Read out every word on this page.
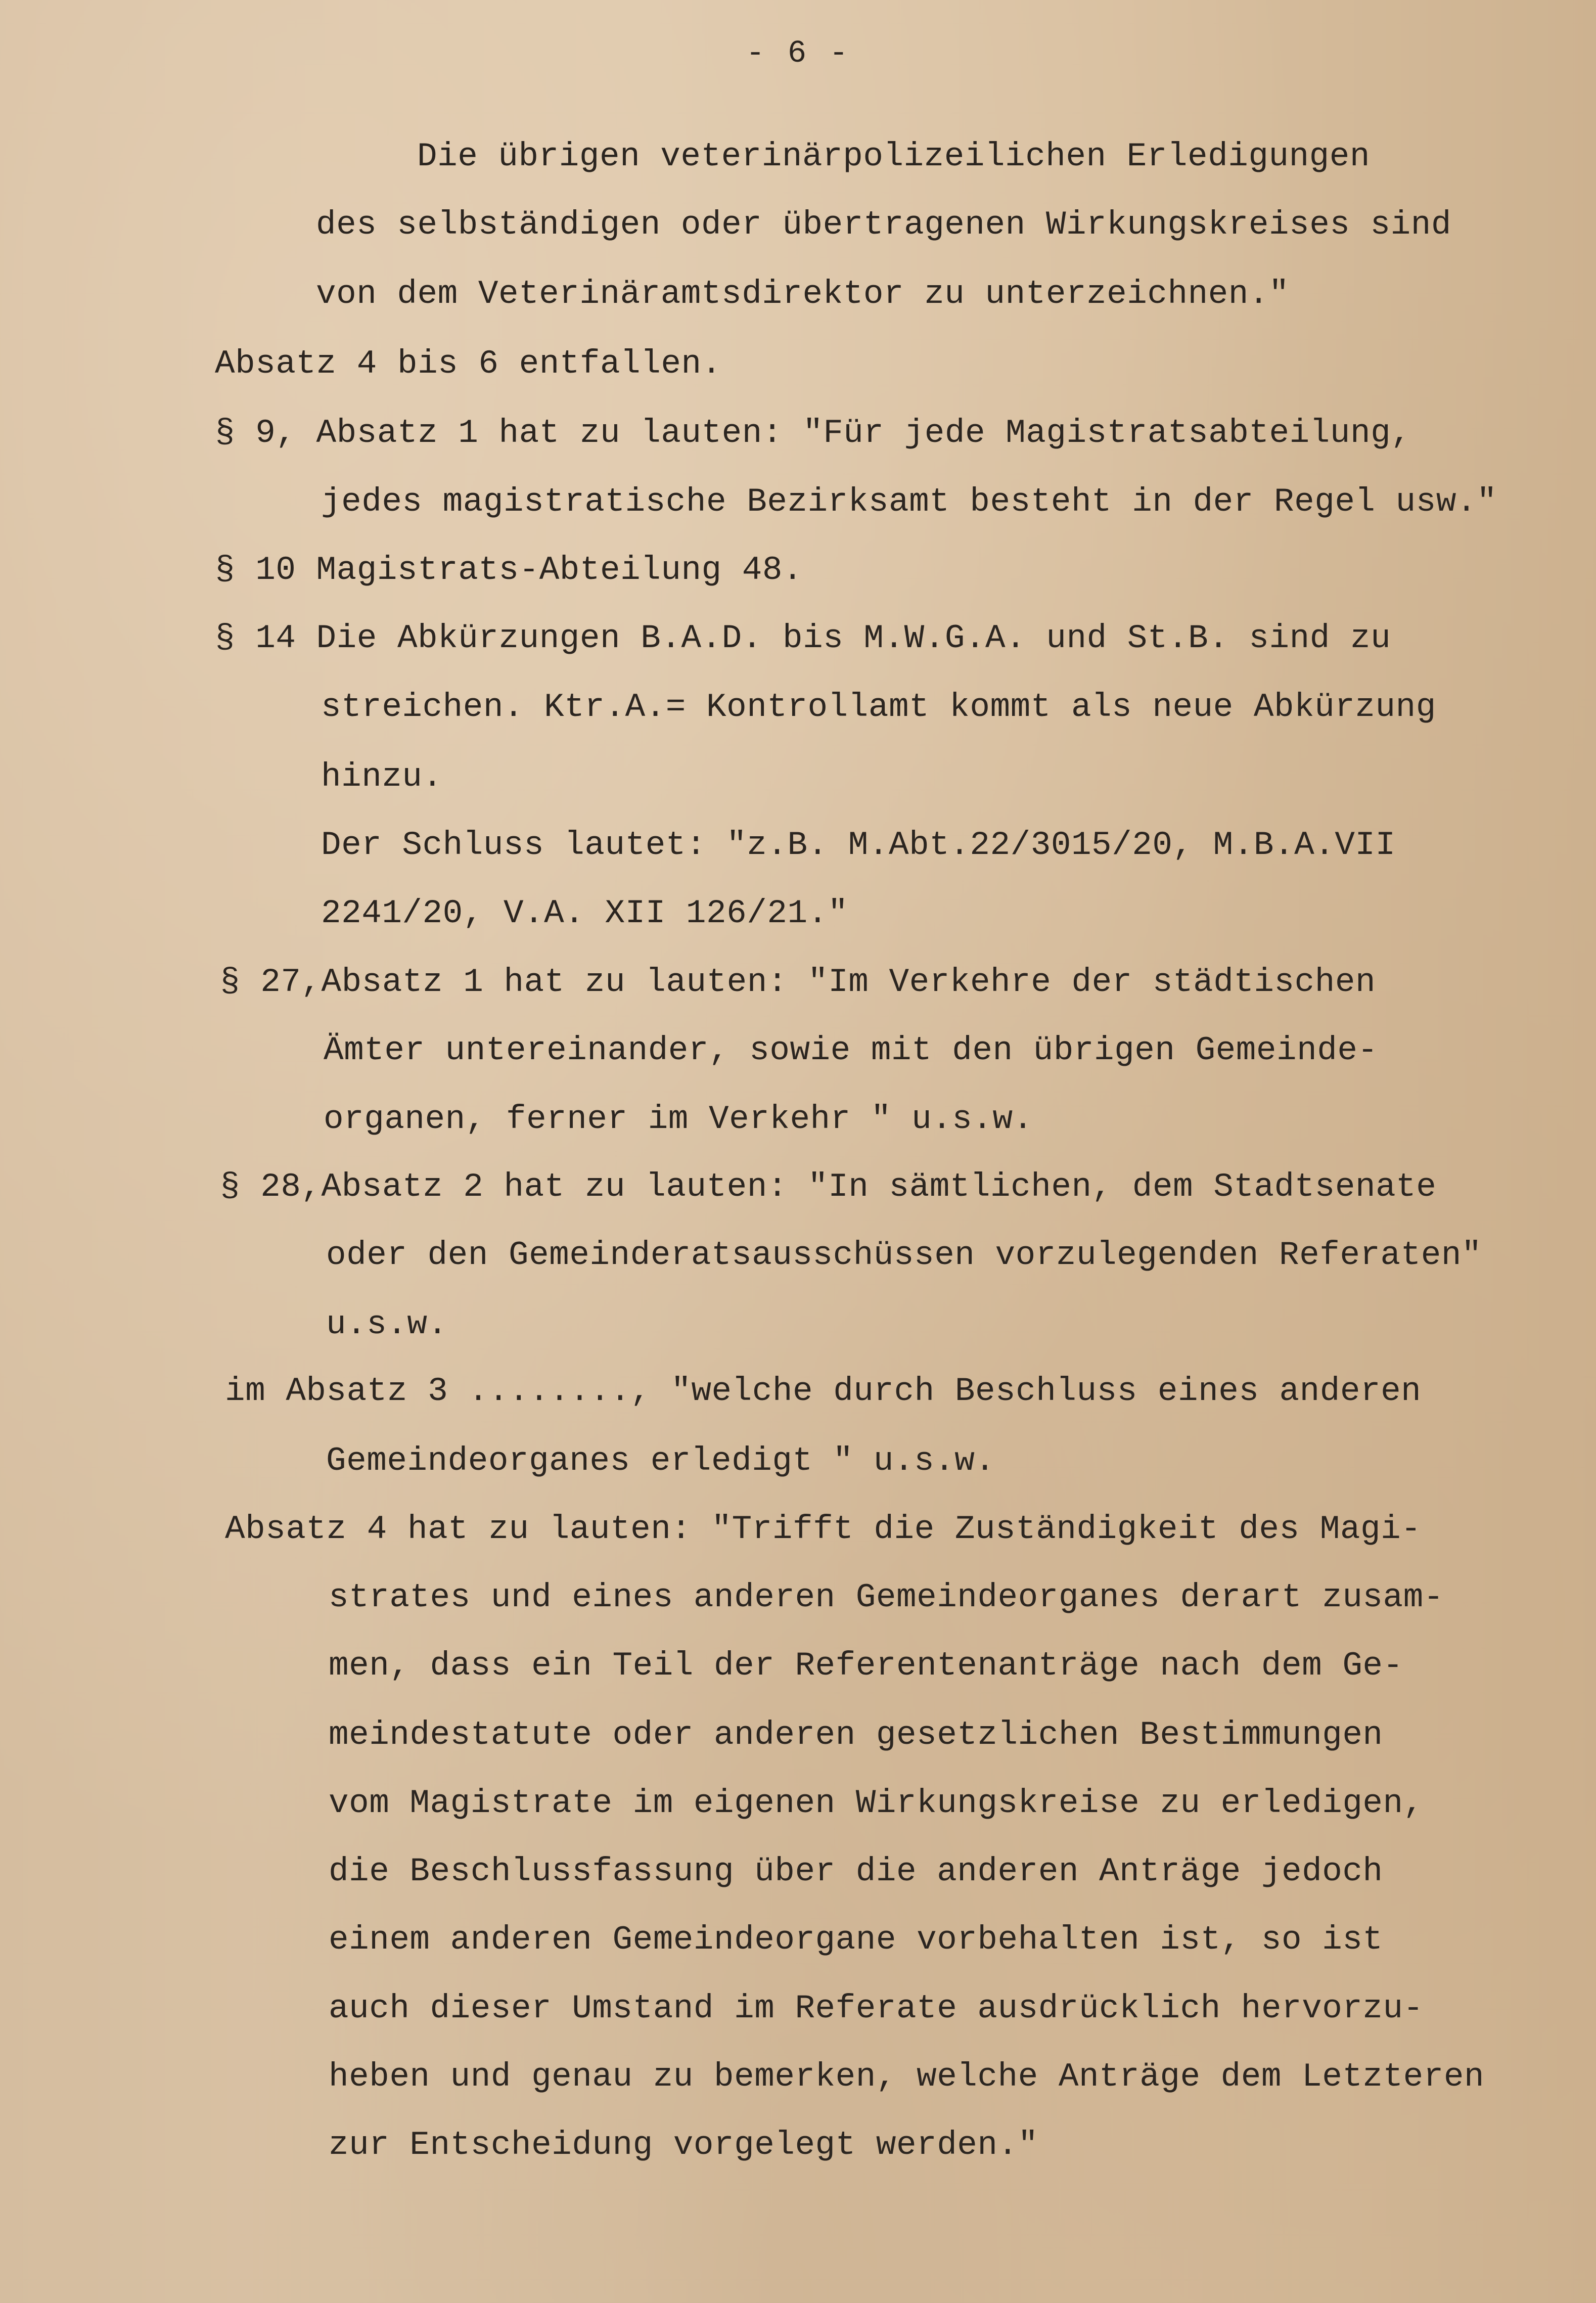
- 6 -
Die übrigen veterinärpolizeilichen Erledigungen
des selbständigen oder übertragenen Wirkungskreises sind
von dem Veterinäramtsdirektor zu unterzeichnen."
Absatz 4 bis 6 entfallen.
§ 9, Absatz 1 hat zu lauten: "Für jede Magistratsabteilung,
jedes magistratische Bezirksamt besteht in der Regel usw."
§ 10 Magistrats-Abteilung 48.
§ 14 Die Abkürzungen B.A.D. bis M.W.G.A. und St.B. sind zu
streichen. Ktr.A.= Kontrollamt kommt als neue Abkürzung
hinzu.
Der Schluss lautet: "z.B. M.Abt.22/3015/20, M.B.A.VII
2241/20, V.A. XII 126/21."
§ 27,Absatz 1 hat zu lauten: "Im Verkehre der städtischen
Ämter untereinander, sowie mit den übrigen Gemeinde-
organen, ferner im Verkehr " u.s.w.
§ 28,Absatz 2 hat zu lauten: "In sämtlichen, dem Stadtsenate
oder den Gemeinderatsausschüssen vorzulegenden Referaten"
u.s.w.
im Absatz 3 ........, "welche durch Beschluss eines anderen
Gemeindeorganes erledigt " u.s.w.
Absatz 4 hat zu lauten: "Trifft die Zuständigkeit des Magi-
strates und eines anderen Gemeindeorganes derart zusam-
men, dass ein Teil der Referentenanträge nach dem Ge-
meindestatute oder anderen gesetzlichen Bestimmungen
vom Magistrate im eigenen Wirkungskreise zu erledigen,
die Beschlussfassung über die anderen Anträge jedoch
einem anderen Gemeindeorgane vorbehalten ist, so ist
auch dieser Umstand im Referate ausdrücklich hervorzu-
heben und genau zu bemerken, welche Anträge dem Letzteren
zur Entscheidung vorgelegt werden."
